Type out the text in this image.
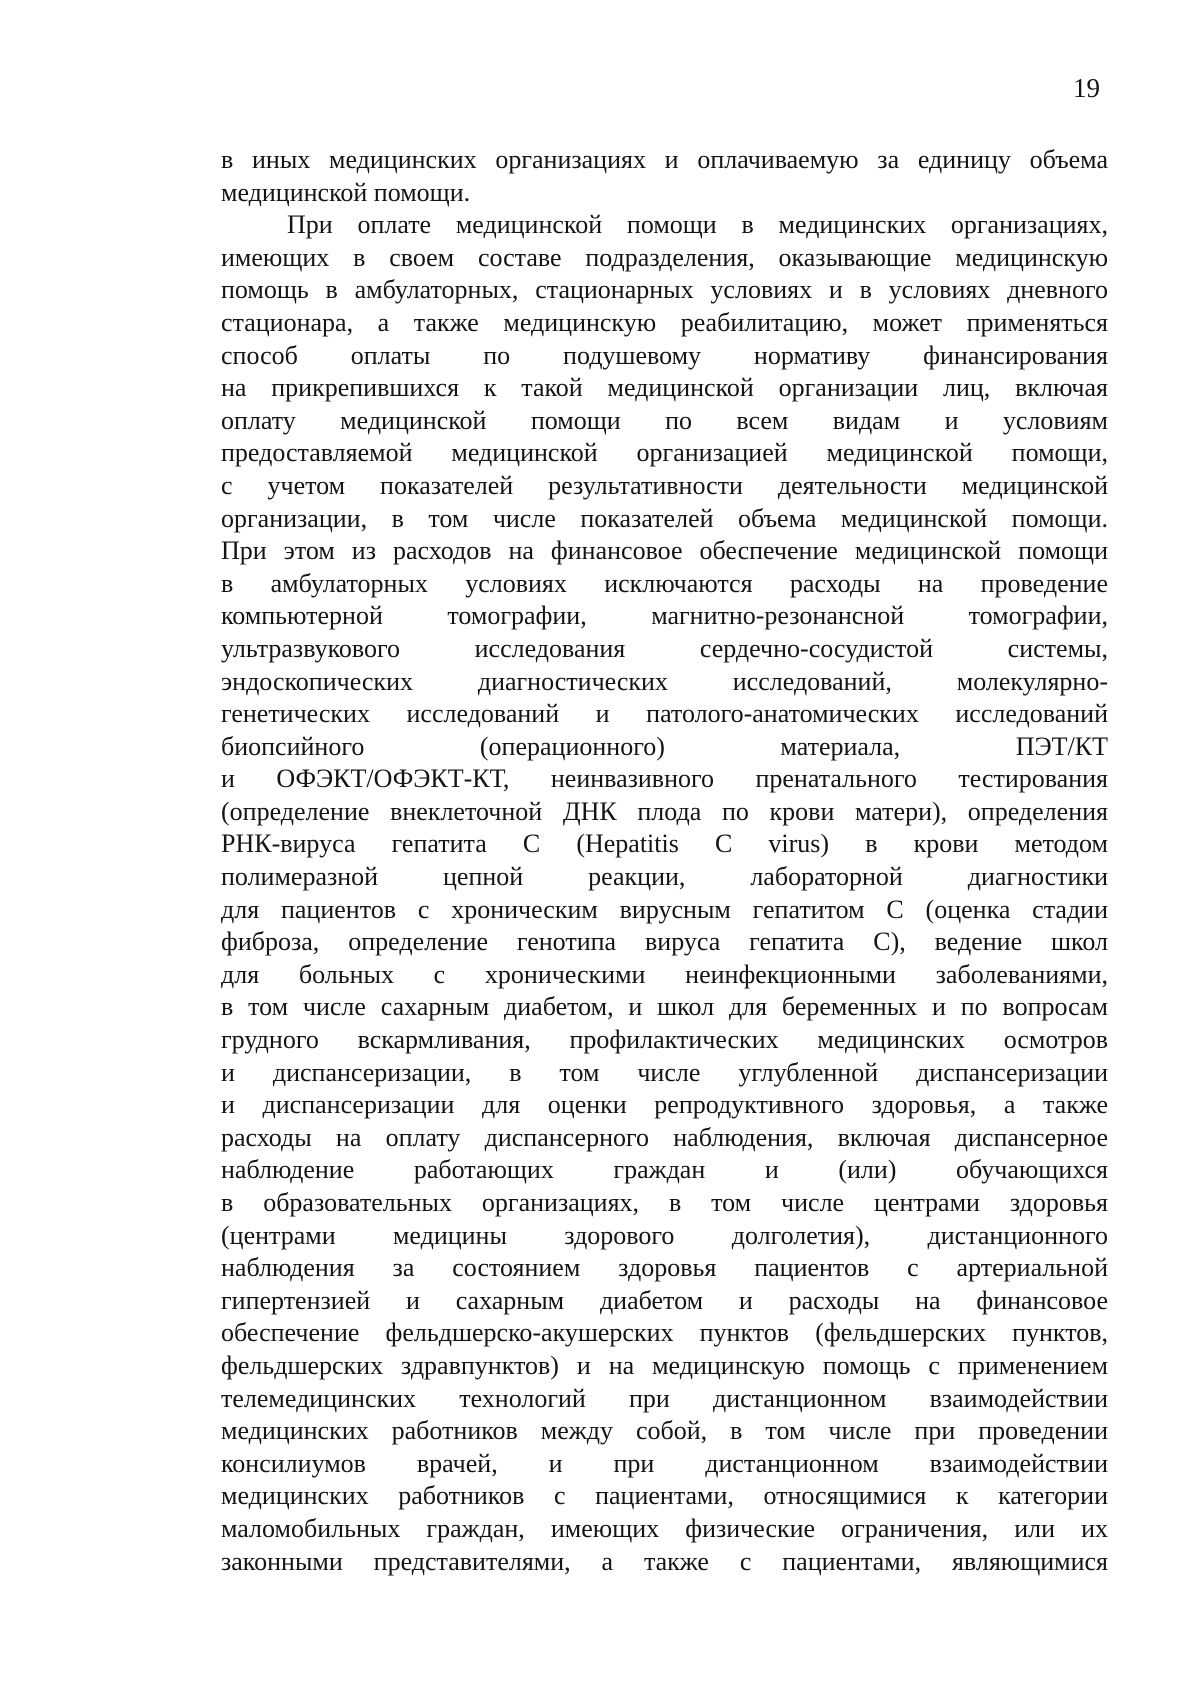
19
в иных медицинских организациях и оплачиваемую за единицу объема
медицинской помощи.
При оплате медицинской помощи в медицинских организациях,
имеющих в своем составе подразделения, оказывающие медицинскую
помощь в амбулаторных, стационарных условиях и в условиях дневного
стационара, а также медицинскую реабилитацию, может применяться
способ оплаты по подушевому нормативу финансирования
на прикрепившихся к такой медицинской организации лиц, включая
оплату медицинской помощи по всем видам и условиям
предоставляемой медицинской организацией медицинской помощи,
с учетом показателей результативности деятельности медицинской
организации, в том числе показателей объема медицинской помощи.
При этом из расходов на финансовое обеспечение медицинской помощи
в амбулаторных условиях исключаются расходы на проведение
компьютерной томографии, магнитно-резонансной томографии,
ультразвукового исследования сердечно-сосудистой системы,
эндоскопических диагностических исследований, молекулярно-
генетических исследований и патолого-анатомических исследований
биопсийного (операционного) материала, ПЭТ/КТ
и ОФЭКТ/ОФЭКТ-КТ, неинвазивного пренатального тестирования
(определение внеклеточной ДНК плода по крови матери), определения
РНК-вируса гепатита С (Hepatitis C virus) в крови методом
полимеразной цепной реакции, лабораторной диагностики
для пациентов с хроническим вирусным гепатитом С (оценка стадии
фиброза, определение генотипа вируса гепатита С), ведение школ
для больных с хроническими неинфекционными заболеваниями,
в том числе сахарным диабетом, и школ для беременных и по вопросам
грудного вскармливания, профилактических медицинских осмотров
и диспансеризации, в том числе углубленной диспансеризации
и диспансеризации для оценки репродуктивного здоровья, а также
расходы на оплату диспансерного наблюдения, включая диспансерное
наблюдение работающих граждан и (или) обучающихся
в образовательных организациях, в том числе центрами здоровья
(центрами медицины здорового долголетия), дистанционного
наблюдения за состоянием здоровья пациентов с артериальной
гипертензией и сахарным диабетом и расходы на финансовое
обеспечение фельдшерско-акушерских пунктов (фельдшерских пунктов,
фельдшерских здравпунктов) и на медицинскую помощь с применением
телемедицинских технологий при дистанционном взаимодействии
медицинских работников между собой, в том числе при проведении
консилиумов врачей, и при дистанционном взаимодействии
медицинских работников с пациентами, относящимися к категории
маломобильных граждан, имеющих физические ограничения, или их
законными представителями, а также с пациентами, являющимися
